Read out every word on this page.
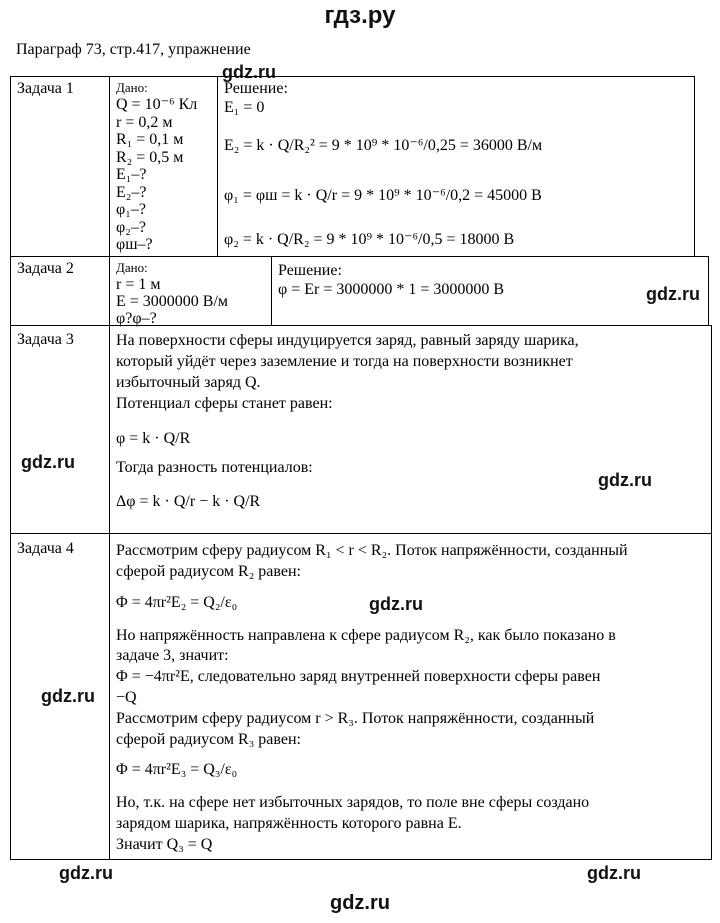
гдз.ру
Параграф 73, стр.417, упражнение
Задача 1	Дано:
Q = 10⁻⁶ Кл
r = 0,2 м
R₁ = 0,1 м
R₂ = 0,5 м
E₁–?
E₂–?
φ₁–?
φ₂–?
φш–?
Решение:
E₁ = 0
E₂ = k · Q/R₂² = 9 * 10⁹ * 10⁻⁶/0,25 = 36000 В/м
φ₁ = φш = k · Q/r = 9 * 10⁹ * 10⁻⁶/0,2 = 45000 В
φ₂ = k · Q/R₂ = 9 * 10⁹ * 10⁻⁶/0,5 = 18000 В
Задача 2	Дано:
r = 1 м
E = 3000000 В/м
φ?φ–?
Решение:
φ = Er = 3000000 * 1 = 3000000 В
Задача 3	На поверхности сферы индуцируется заряд, равный заряду шарика,
который уйдёт через заземление и тогда на поверхности возникнет
избыточный заряд Q.
Потенциал сферы станет равен:
φ = k · Q/R
Тогда разность потенциалов:
Δφ = k · Q/r − k · Q/R
Задача 4	Рассмотрим сферу радиусом R₁ < r < R₂. Поток напряжённости, созданный
сферой радиусом R₂ равен:
Φ = 4πr²E₂ = Q₂/ε₀
Но напряжённость направлена к сфере радиусом R₂, как было показано в
задаче 3, значит:
Φ = −4πr²E, следовательно заряд внутренней поверхности сферы равен
−Q
Рассмотрим сферу радиусом r > R₃. Поток напряжённости, созданный
сферой радиусом R₃ равен:
Φ = 4πr²E₃ = Q₃/ε₀
Но, т.к. на сфере нет избыточных зарядов, то поле вне сферы создано
зарядом шарика, напряжённость которого равна E.
Значит Q₃ = Q
gdz.ru
gdz.ru
gdz.ru
gdz.ru
gdz.ru
gdz.ru
gdz.ru	gdz.ru
gdz.ru
